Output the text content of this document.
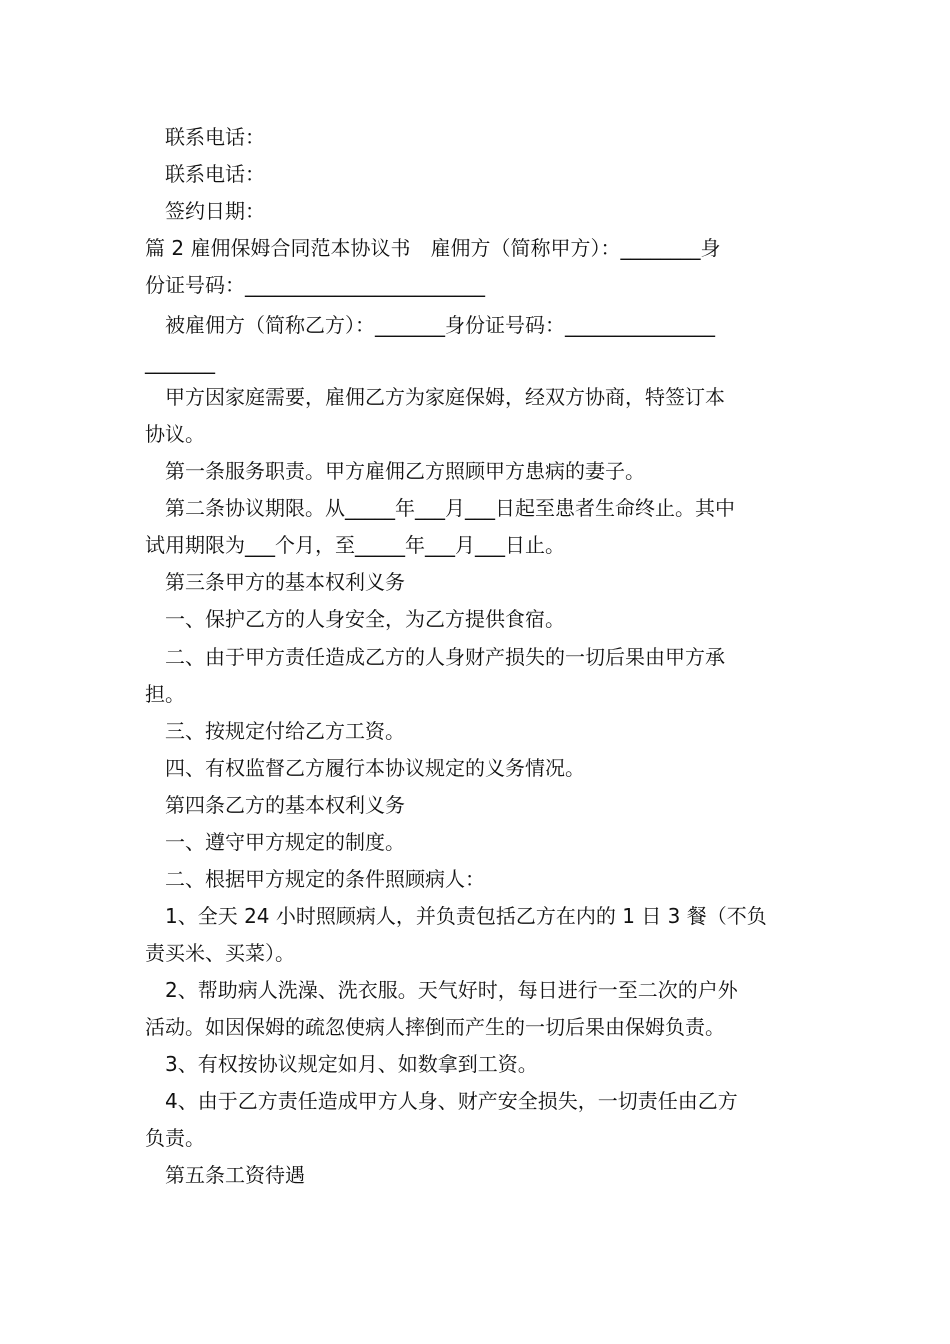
联系电话：
联系电话：
签约日期：
篇 2 雇佣保姆合同范本协议书　雇佣方（简称甲方）：________身
份证号码：________________________
被雇佣方（简称乙方）：_______身份证号码：_______________
_______
甲方因家庭需要，雇佣乙方为家庭保姆，经双方协商，特签订本
协议。
第一条服务职责。甲方雇佣乙方照顾甲方患病的妻子。
第二条协议期限。从_____年___月___日起至患者生命终止。其中
试用期限为___个月，至_____年___月___日止。
第三条甲方的基本权利义务
一、保护乙方的人身安全，为乙方提供食宿。
二、由于甲方责任造成乙方的人身财产损失的一切后果由甲方承
担。
三、按规定付给乙方工资。
四、有权监督乙方履行本协议规定的义务情况。
第四条乙方的基本权利义务
一、遵守甲方规定的制度。
二、根据甲方规定的条件照顾病人：
1、全天 24 小时照顾病人，并负责包括乙方在内的 1 日 3 餐（不负
责买米、买菜）。
2、帮助病人洗澡、洗衣服。天气好时，每日进行一至二次的户外
活动。如因保姆的疏忽使病人摔倒而产生的一切后果由保姆负责。
3、有权按协议规定如月、如数拿到工资。
4、由于乙方责任造成甲方人身、财产安全损失，一切责任由乙方
负责。
第五条工资待遇
